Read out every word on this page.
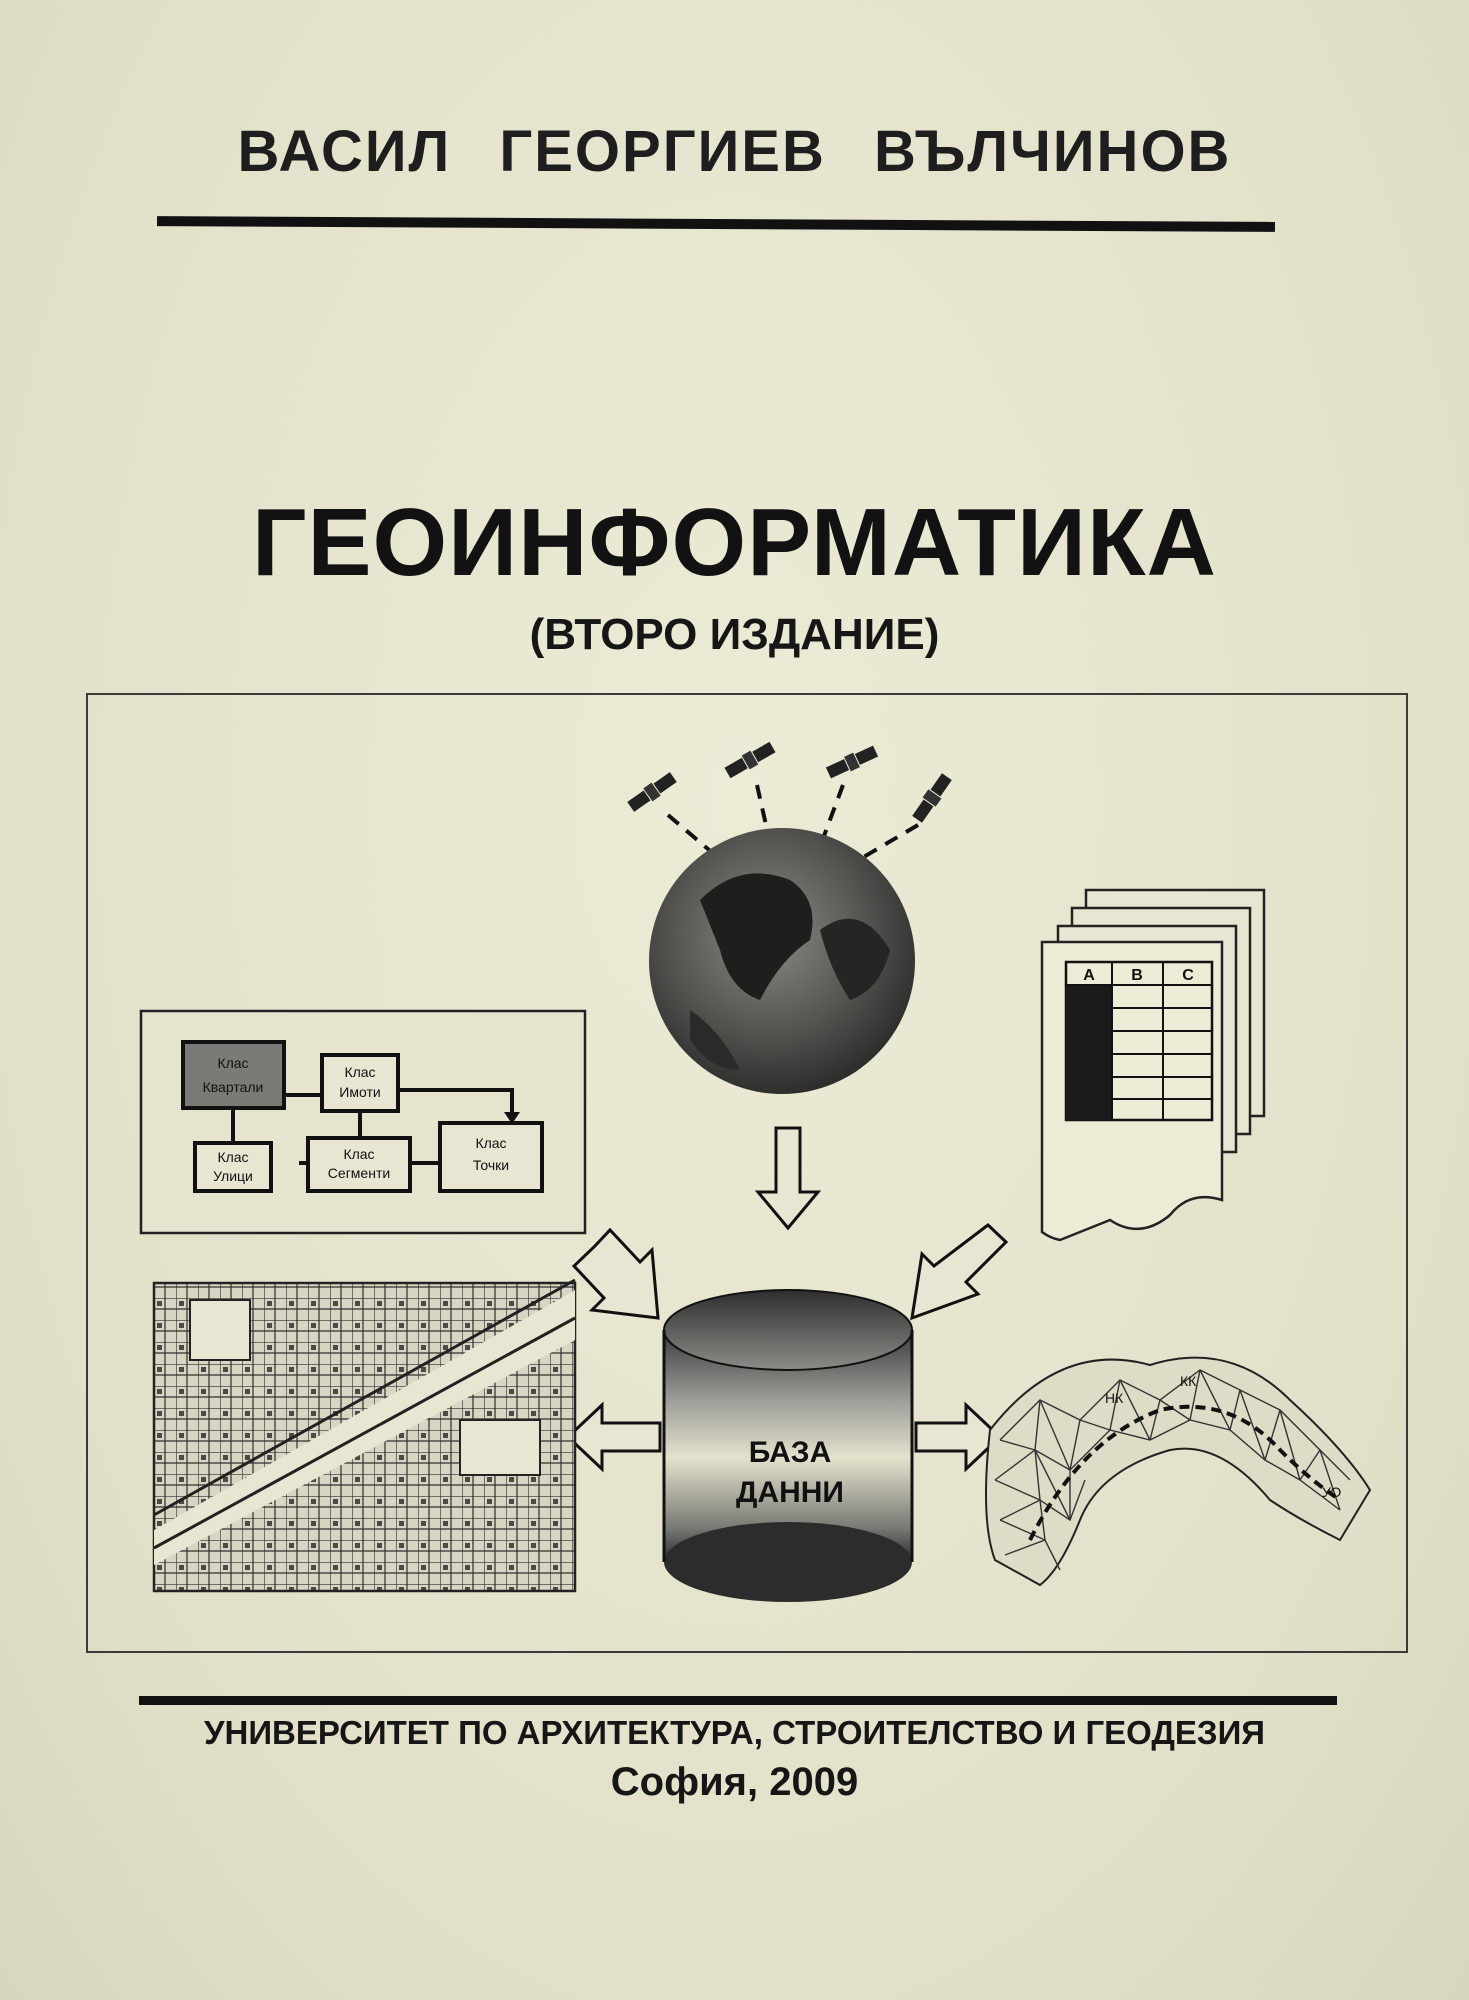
ВАСИЛ ГЕОРГИЕВ ВЪЛЧИНОВ
ГЕОИНФОРМАТИКА
(ВТОРО ИЗДАНИЕ)
A B C
Клас
Квартали
Клас
Имоти
Клас
Улици
Клас
Сегменти
Клас
Точки
БАЗА
ДАННИ
НК
КК
УО
УНИВЕРСИТЕТ ПО АРХИТЕКТУРА, СТРОИТЕЛСТВО И ГЕОДЕЗИЯ
София, 2009
